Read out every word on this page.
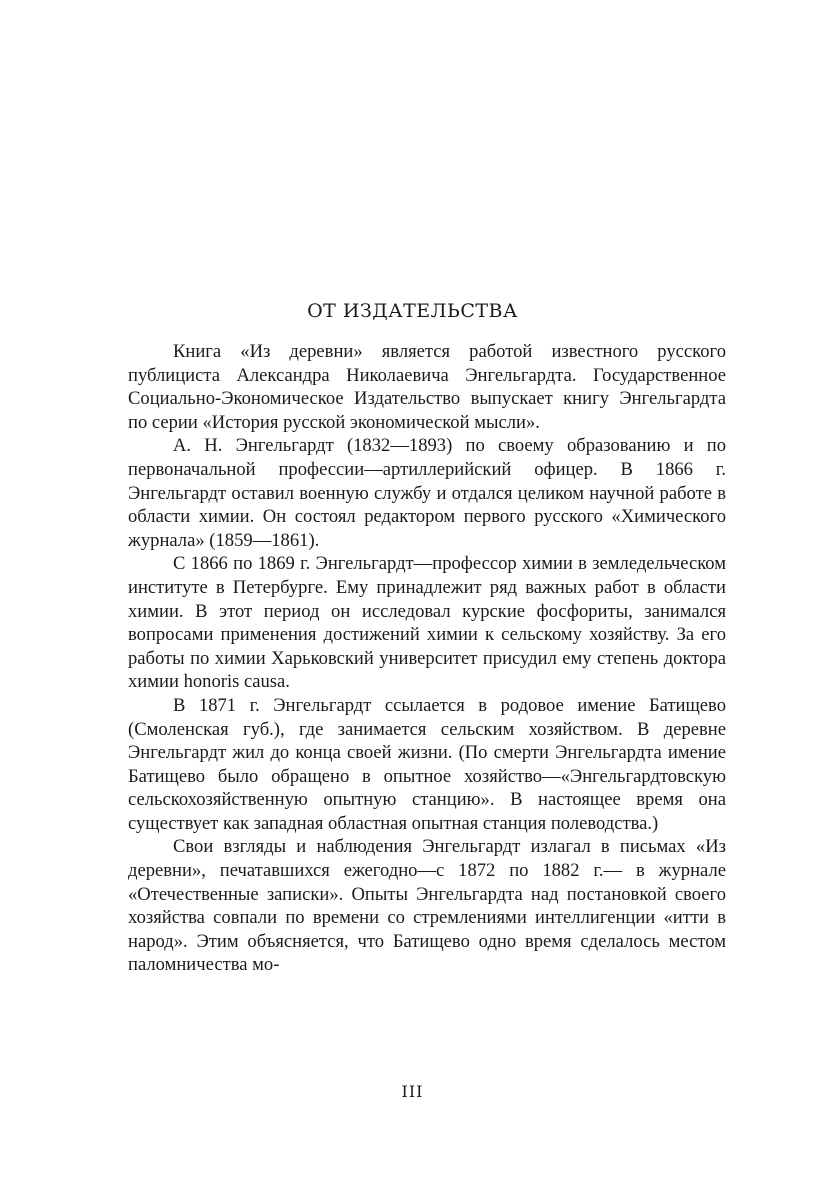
ОТ ИЗДАТЕЛЬСТВА

Книга «Из деревни» является работой известного русского публициста Александра Николаевича Энгельгардта. Государственное Социально-Экономическое Издательство выпускает книгу Энгельгардта по серии «История русской экономической мысли».

А. Н. Энгельгардт (1832—1893) по своему образованию и по первоначальной профессии—артиллерийский офицер. В 1866 г. Энгельгардт оставил военную службу и отдался целиком научной работе в области химии. Он состоял редактором первого русского «Химического журнала» (1859—1861).

С 1866 по 1869 г. Энгельгардт—профессор химии в земледельческом институте в Петербурге. Ему принадлежит ряд важных работ в области химии. В этот период он исследовал курские фосфориты, занимался вопросами применения достижений химии к сельскому хозяйству. За его работы по химии Харьковский университет присудил ему степень доктора химии honoris causa.

В 1871 г. Энгельгардт ссылается в родовое имение Батищево (Смоленская губ.), где занимается сельским хозяйством. В деревне Энгельгардт жил до конца своей жизни. (По смерти Энгельгардта имение Батищево было обращено в опытное хозяйство—«Энгельгардтовскую сельскохозяйственную опытную станцию». В настоящее время она существует как западная областная опытная станция полеводства.)

Свои взгляды и наблюдения Энгельгардт излагал в письмах «Из деревни», печатавшихся ежегодно—с 1872 по 1882 г.— в журнале «Отечественные записки». Опыты Энгельгардта над постановкой своего хозяйства совпали по времени со стремлениями интеллигенции «итти в народ». Этим объясняется, что Батищево одно время сделалось местом паломничества мо-

III
